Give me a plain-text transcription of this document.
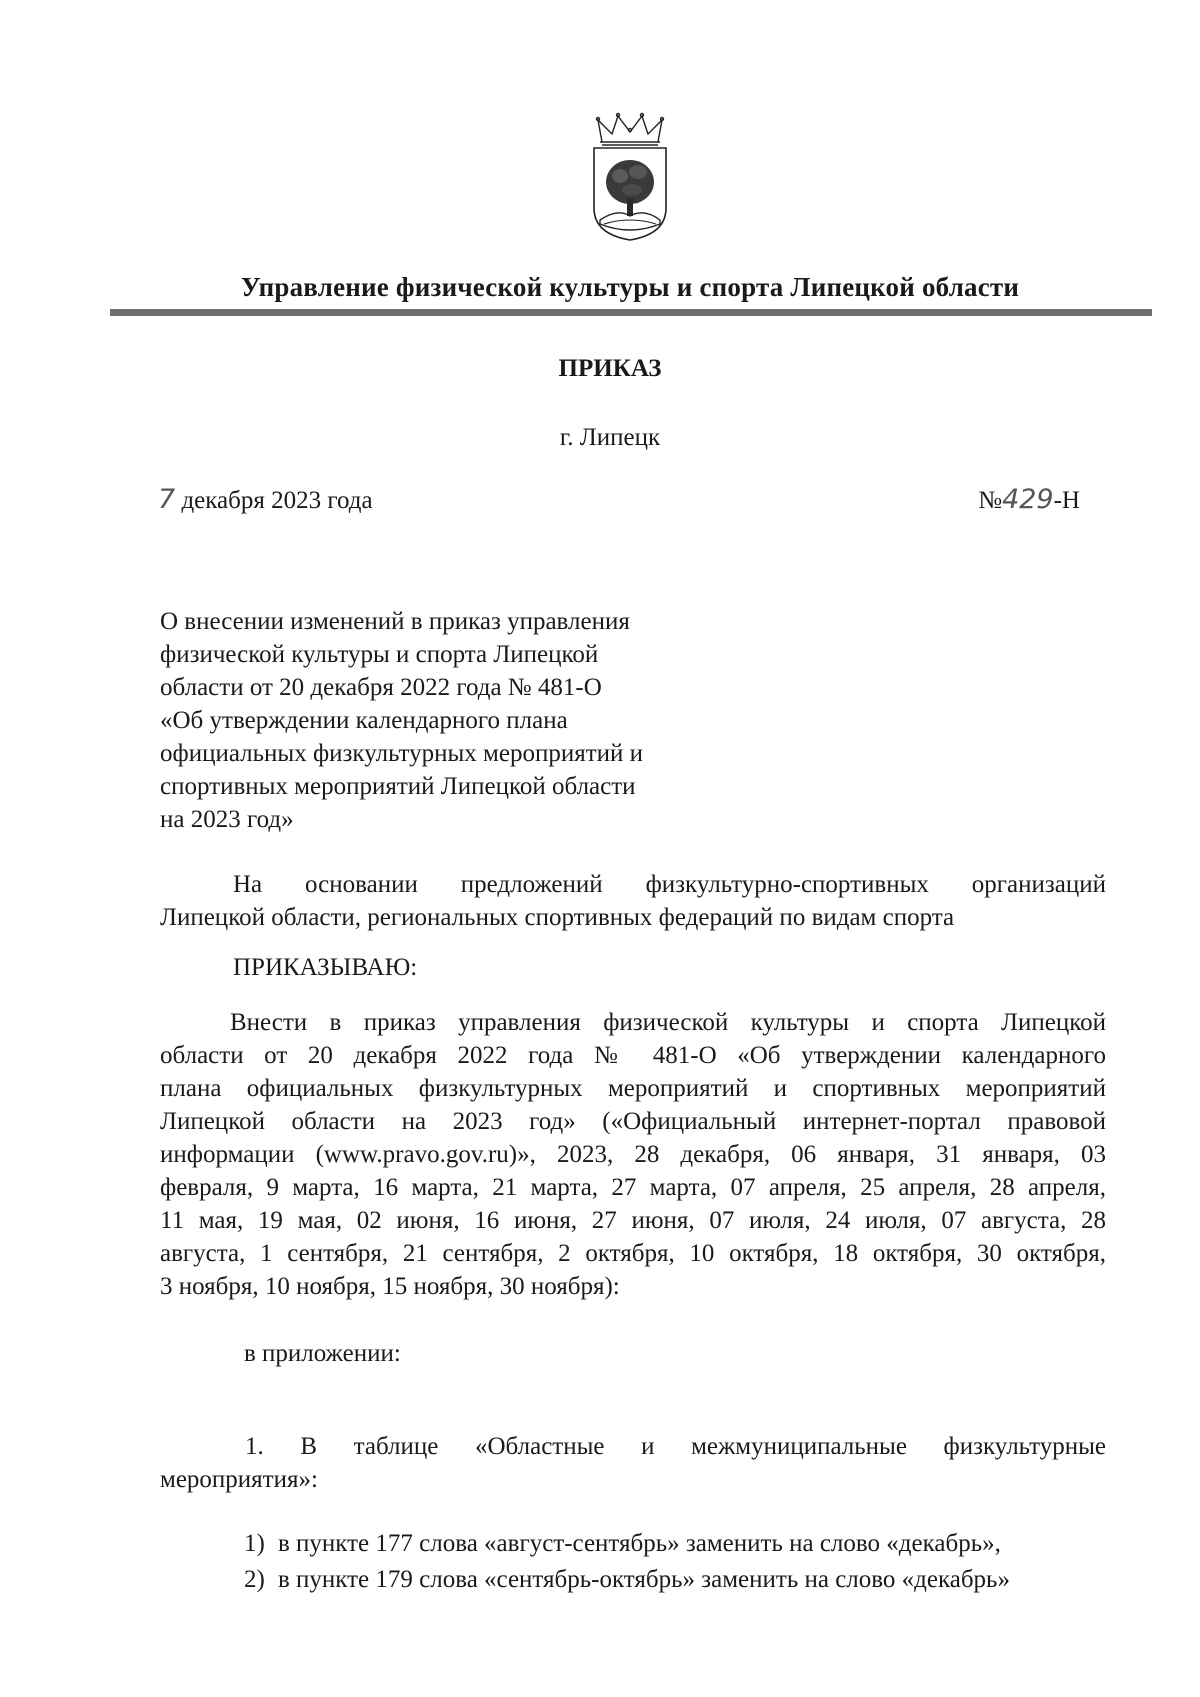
Управление физической культуры и спорта Липецкой области
ПРИКАЗ
г. Липецк
7 декабря 2023 года	№429-Н
О внесении изменений в приказ управления
физической культуры и спорта Липецкой
области от 20 декабря 2022 года № 481-О
«Об утверждении календарного плана
официальных физкультурных мероприятий и
спортивных мероприятий Липецкой области
на 2023 год»
На основании предложений физкультурно-спортивных организаций
Липецкой области, региональных спортивных федераций по видам спорта
ПРИКАЗЫВАЮ:
Внести в приказ управления физической культуры и спорта Липецкой
области от 20 декабря 2022 года № 481-О «Об утверждении календарного
плана официальных физкультурных мероприятий и спортивных мероприятий
Липецкой области на 2023 год» («Официальный интернет-портал правовой
информации (www.pravo.gov.ru)», 2023, 28 декабря, 06 января, 31 января, 03
февраля, 9 марта, 16 марта, 21 марта, 27 марта, 07 апреля, 25 апреля, 28 апреля,
11 мая, 19 мая, 02 июня, 16 июня, 27 июня, 07 июля, 24 июля, 07 августа, 28
августа, 1 сентября, 21 сентября, 2 октября, 10 октября, 18 октября, 30 октября,
3 ноября, 10 ноября, 15 ноября, 30 ноября):
в приложении:
1. В таблице «Областные и межмуниципальные физкультурные
мероприятия»:
1) в пункте 177 слова «август-сентябрь» заменить на слово «декабрь»,
2) в пункте 179 слова «сентябрь-октябрь» заменить на слово «декабрь»
